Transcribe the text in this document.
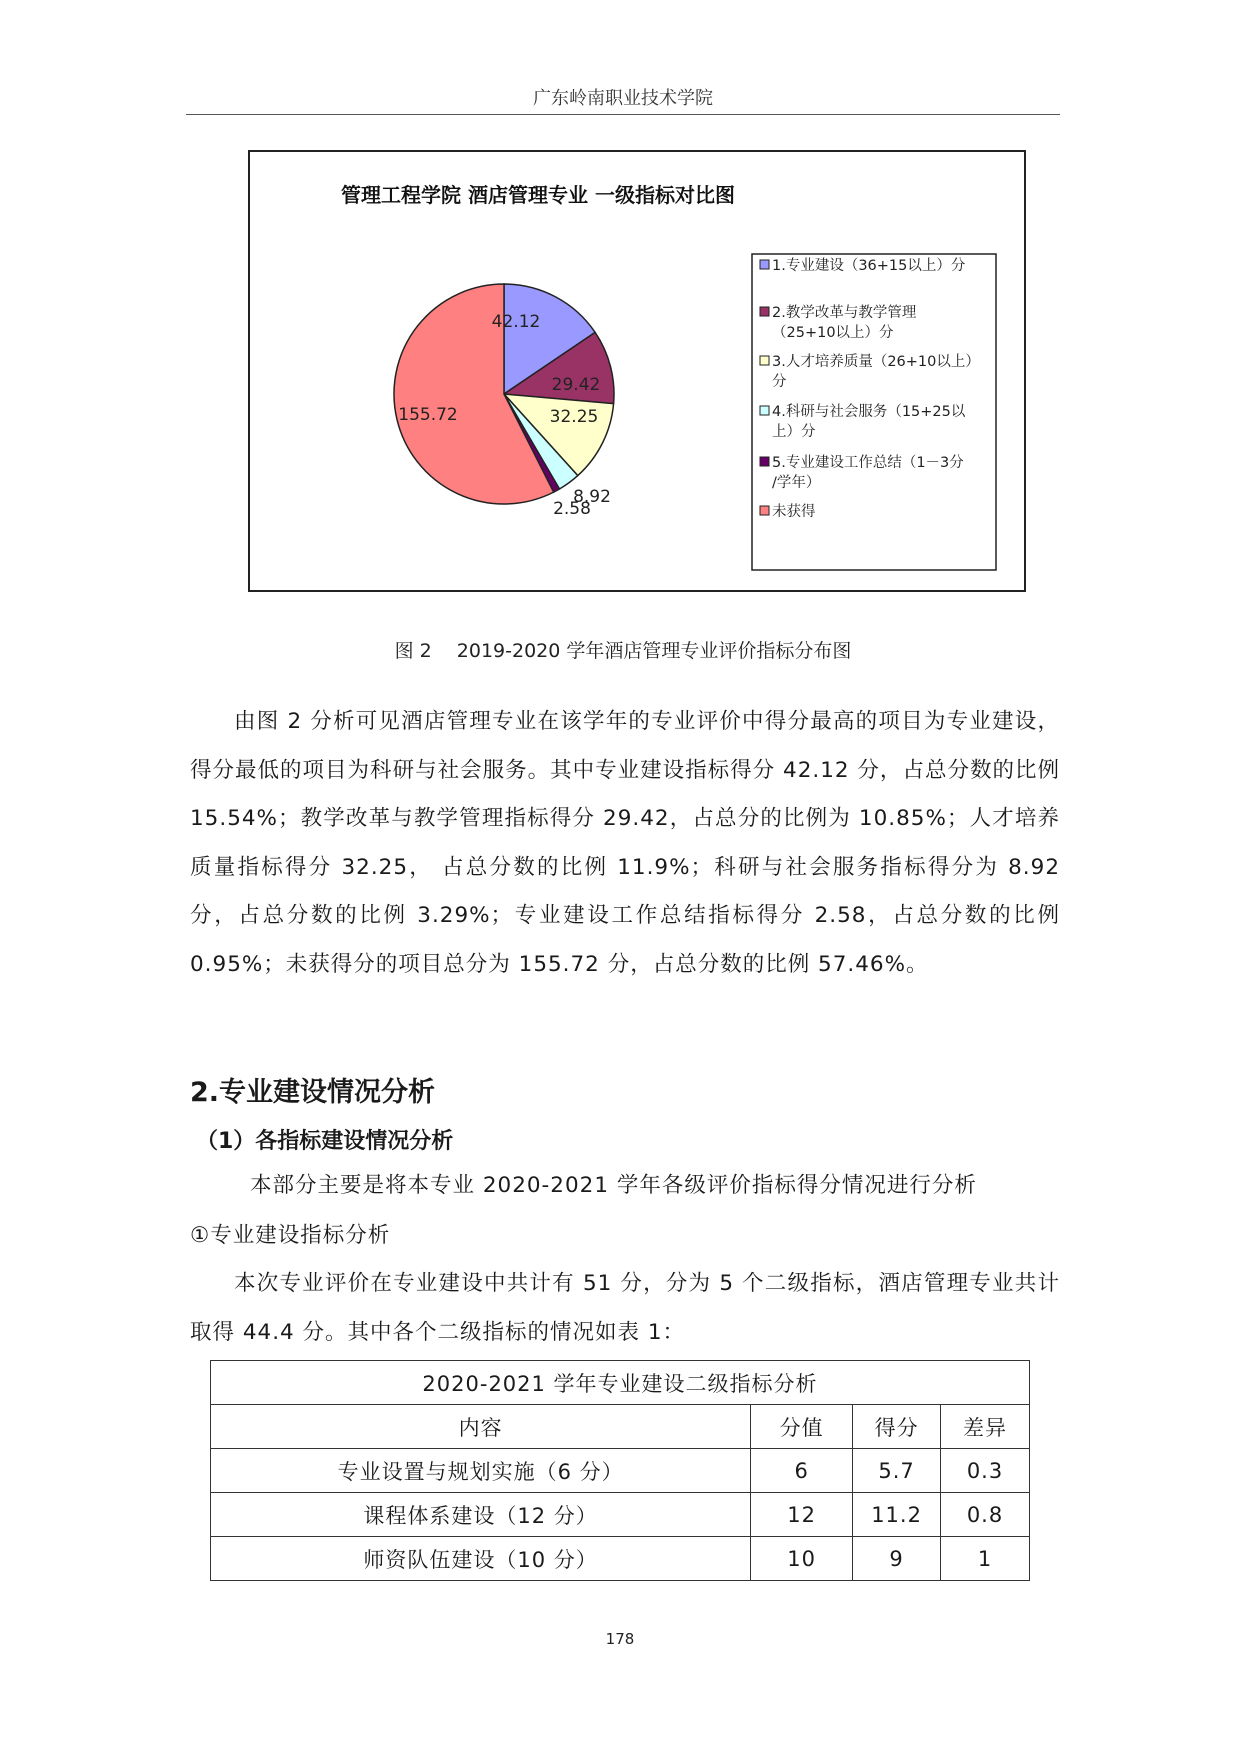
广东岭南职业技术学院
管理工程学院 酒店管理专业 一级指标对比图
42.12
29.42
32.25
8.92
2.58
155.72
1.专业建设（36+15以上）分
2.教学改革与教学管理
（25+10以上）分
3.人才培养质量（26+10以上）
分
4.科研与社会服务（15+25以
上）分
5.专业建设工作总结（1－3分
/学年）
未获得
图 2　 2019-2020 学年酒店管理专业评价指标分布图

由图 2 分析可见酒店管理专业在该学年的专业评价中得分最高的项目为专业建设，得分最低的项目为科研与社会服务。其中专业建设指标得分 42.12 分，占总分数的比例 15.54%；教学改革与教学管理指标得分 29.42，占总分的比例为 10.85%；人才培养质量指标得分 32.25， 占总分数的比例 11.9%；科研与社会服务指标得分为 8.92 分，占总分数的比例 3.29%；专业建设工作总结指标得分 2.58，占总分数的比例 0.95%；未获得分的项目总分为 155.72 分，占总分数的比例 57.46%。

2.专业建设情况分析

（1）各指标建设情况分析

本部分主要是将本专业 2020-2021 学年各级评价指标得分情况进行分析

①专业建设指标分析

本次专业评价在专业建设中共计有 51 分，分为 5 个二级指标，酒店管理专业共计取得 44.4 分。其中各个二级指标的情况如表 1：

2020-2021 学年专业建设二级指标分析			
内容	分值	得分	差异
专业设置与规划实施（6 分）	6	5.7	0.3
课程体系建设（12 分）	12	11.2	0.8
师资队伍建设（10 分）	10	9	1
178
